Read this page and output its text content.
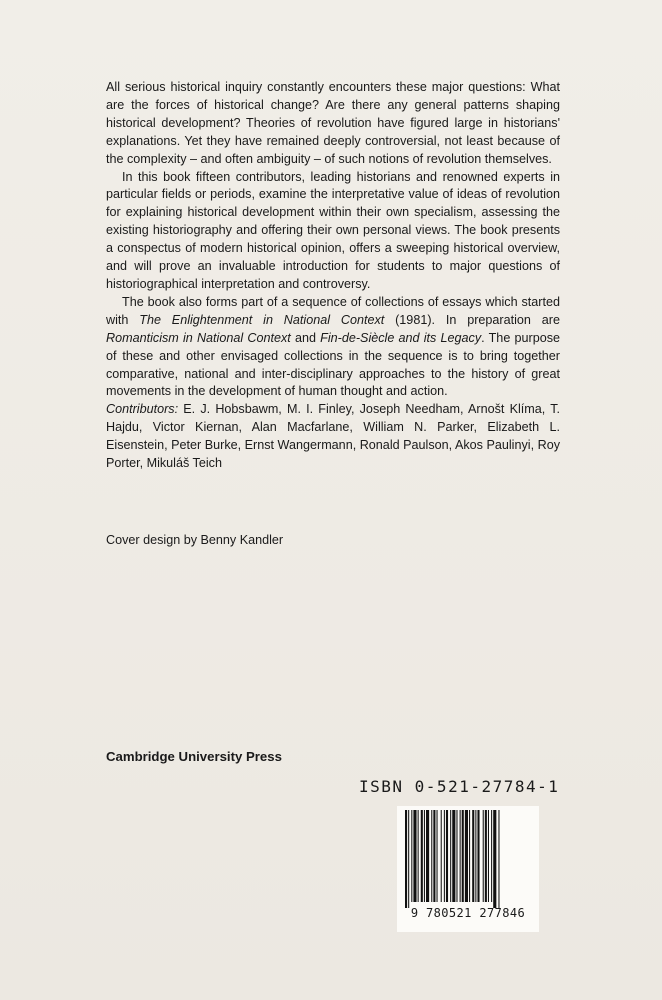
All serious historical inquiry constantly encounters these major questions: What are the forces of historical change? Are there any general patterns shaping historical development? Theories of revolution have figured large in historians' explanations. Yet they have remained deeply controversial, not least because of the complexity – and often ambiguity – of such notions of revolution themselves.

In this book fifteen contributors, leading historians and renowned experts in particular fields or periods, examine the interpretative value of ideas of revolution for explaining historical development within their own specialism, assessing the existing historiography and offering their own personal views. The book presents a conspectus of modern historical opinion, offers a sweeping historical overview, and will prove an invaluable introduction for students to major questions of historiographical interpretation and controversy.

The book also forms part of a sequence of collections of essays which started with The Enlightenment in National Context (1981). In preparation are Romanticism in National Context and Fin-de-Siècle and its Legacy. The purpose of these and other envisaged collections in the sequence is to bring together comparative, national and inter-disciplinary approaches to the history of great movements in the development of human thought and action.

Contributors: E. J. Hobsbawm, M. I. Finley, Joseph Needham, Arnošt Klíma, T. Hajdu, Victor Kiernan, Alan Macfarlane, William N. Parker, Elizabeth L. Eisenstein, Peter Burke, Ernst Wangermann, Ronald Paulson, Akos Paulinyi, Roy Porter, Mikuláš Teich

Cover design by Benny Kandler
Cambridge University Press
ISBN 0-521-27784-1
9 780521 277846
